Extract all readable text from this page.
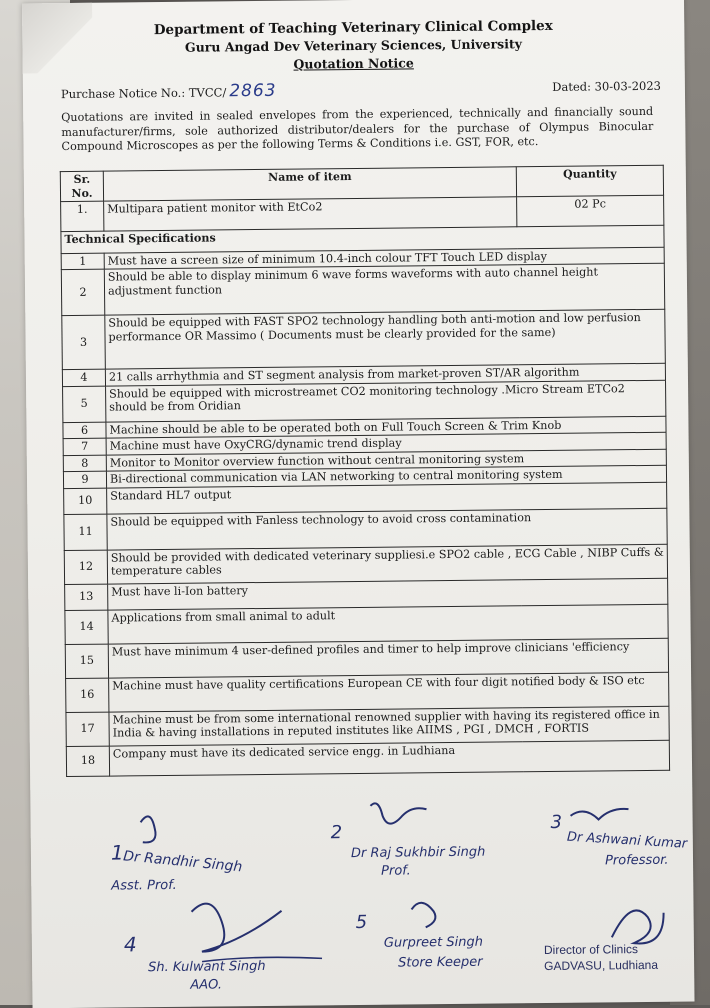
Department of Teaching Veterinary Clinical Complex
Guru Angad Dev Veterinary Sciences, University
Quotation Notice
Purchase Notice No.: TVCC/ 2863	Dated: 30-03-2023
Quotations are invited in sealed envelopes from the experienced, technically and financially sound manufacturer/firms, sole authorized distributor/dealers for the purchase of Olympus Binocular Compound Microscopes as per the following Terms & Conditions i.e. GST, FOR, etc.
Sr. No.	Name of item	Quantity
1.	Multipara patient monitor with EtCo2	02 Pc
Technical Specifications		
1	Must have a screen size of minimum 10.4-inch colour TFT Touch LED display	
2	Should be able to display minimum 6 wave forms waveforms with auto channel height adjustment function	
3	Should be equipped with FAST SPO2 technology handling both anti-motion and low perfusion performance OR Massimo ( Documents must be clearly provided for the same)	
4	21 calls arrhythmia and ST segment analysis from market-proven ST/AR algorithm	
5	Should be equipped with microstreamet CO2 monitoring technology .Micro Stream ETCo2 should be from Oridian	
6	Machine should be able to be operated both on Full Touch Screen & Trim Knob	
7	Machine must have OxyCRG/dynamic trend display	
8	Monitor to Monitor overview function without central monitoring system	
9	Bi-directional communication via LAN networking to central monitoring system	
10	Standard HL7 output	
11	Should be equipped with Fanless technology to avoid cross contamination	
12	Should be provided with dedicated veterinary suppliesi.e SPO2 cable , ECG Cable , NIBP Cuffs & temperature cables	
13	Must have li-Ion battery	
14	Applications from small animal to adult	
15	Must have minimum 4 user-defined profiles and timer to help improve clinicians 'efficiency	
16	Machine must have quality certifications European CE with four digit notified body & ISO etc	
17	Machine must be from some international renowned supplier with having its registered office in India & having installations in reputed institutes like AIIMS , PGI , DMCH , FORTIS	
18	Company must have its dedicated service engg. in Ludhiana	
1
Dr Randhir Singh
Asst. Prof.
2
Dr Raj Sukhbir Singh
Prof.
3
Dr Ashwani Kumar
Professor.
4
Sh. Kulwant Singh
AAO.
5
Gurpreet Singh
Store Keeper
Director of Clinics
GADVASU, Ludhiana
